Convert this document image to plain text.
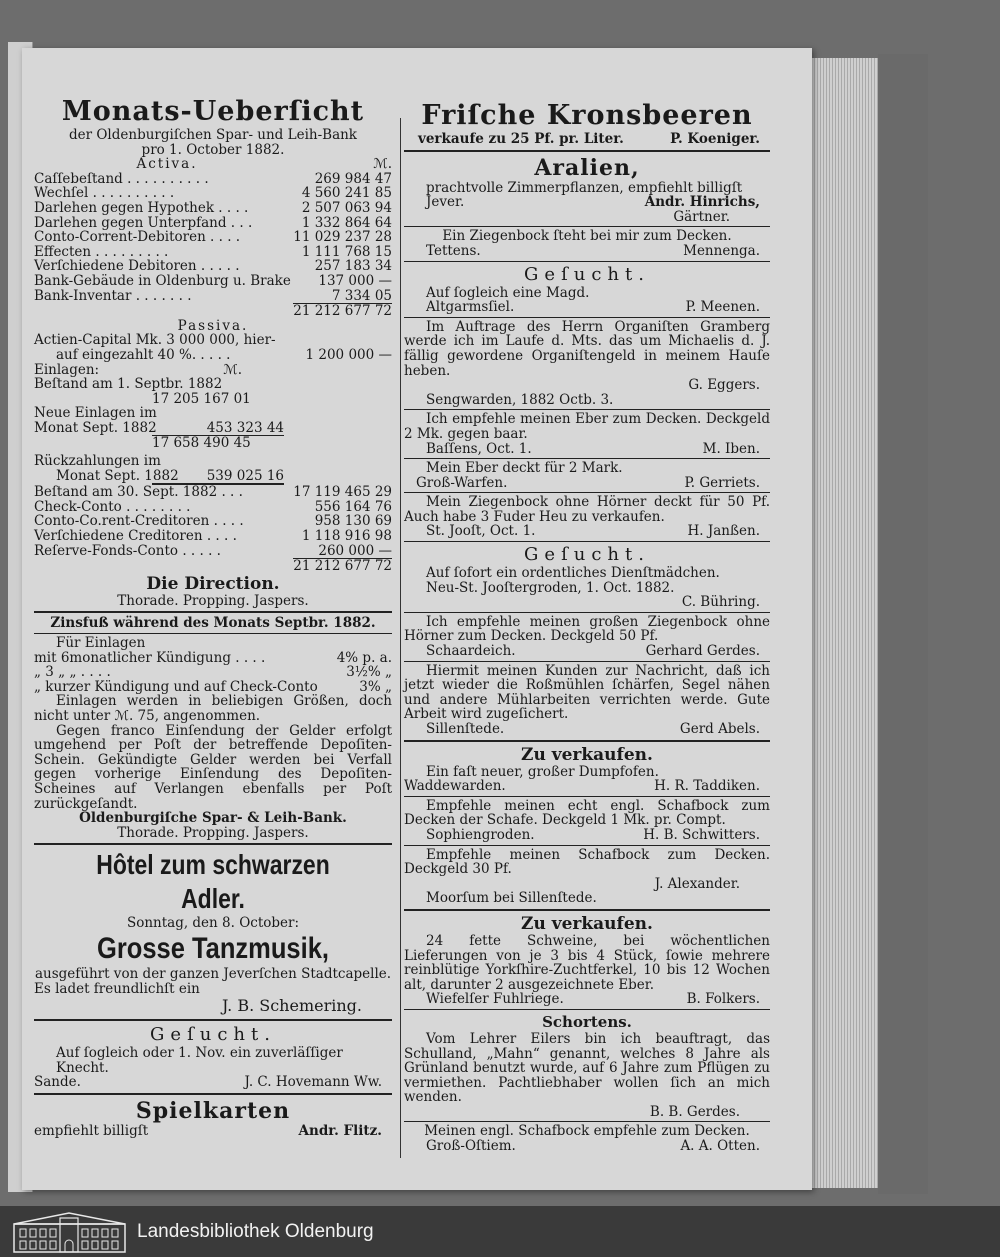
Monats-Ueberſicht
der Oldenburgiſchen Spar- und Leih-Bank
pro 1. October 1882.
Activa.	ℳ.
Caſſebeſtand . . . . . . . . . .	269 984 47
Wechſel . . . . . . . . . .	4 560 241 85
Darlehen gegen Hypothek . . . .	2 507 063 94
Darlehen gegen Unterpfand . . .	1 332 864 64
Conto-Corrent-Debitoren . . . .	11 029 237 28
Effecten . . . . . . . . .	1 111 768 15
Verſchiedene Debitoren . . . . .	257 183 34
Bank-Gebäude in Oldenburg u. Brake	137 000 —
Bank-Inventar . . . . . . .	7 334 05
21 212 677 72
Passiva.
Actien-Capital Mk. 3 000 000, hier-
auf eingezahlt 40 %. . . . .	1 200 000 —
Einlagen:	ℳ.
Beſtand am 1. Septbr. 1882
17 205 167 01
Neue Einlagen im
Monat Sept. 1882	453 323 44
17 658 490 45
Rückzahlungen im
Monat Sept. 1882 539 025 16
Beſtand am 30. Sept. 1882 . . .	17 119 465 29
Check-Conto . . . . . . . .	556 164 76
Conto-Co.rent-Creditoren . . . .	958 130 69
Verſchiedene Creditoren . . . .	1 118 916 98
Reſerve-Fonds-Conto . . . . .	260 000 —
21 212 677 72
Die Direction.
Thorade. Propping. Jaspers.
Zinsfuß während des Monats Septbr. 1882.
Für Einlagen
mit 6monatlicher Kündigung . . . .	4% p. a.
„ 3 „ „ . . . .	3½% „
„ kurzer Kündigung und auf Check-Conto	3% „
Einlagen werden in beliebigen Größen, doch nicht unter ℳ. 75, angenommen.
Gegen franco Einſendung der Gelder erfolgt umgehend per Poſt der betreffende Depoſiten-Schein. Gekündigte Gelder werden bei Verfall gegen vorherige Einſendung des Depoſiten-Scheines auf Verlangen ebenfalls per Poſt zurückgeſandt.
Oldenburgiſche Spar- & Leih-Bank.
Thorade. Propping. Jaspers.
Hôtel zum schwarzen Adler.
Sonntag, den 8. October:
Grosse Tanzmusik,
ausgeführt von der ganzen Jeverſchen Stadtcapelle.
Es ladet freundlichſt ein
J. B. Schemering.
Geſucht.
Auf ſogleich oder 1. Nov. ein zuverläſſiger Knecht.
Sande.	J. C. Hovemann Ww.
Spielkarten
empfiehlt billigſt	Andr. Flitz.
Friſche Kronsbeeren
verkaufe zu 25 Pf. pr. Liter.	P. Koeniger.
Aralien,
prachtvolle Zimmerpflanzen, empfiehlt billigſt
Jever.	Andr. Hinrichs,
Gärtner.
Ein Ziegenbock ſteht bei mir zum Decken.
Tettens.	Mennenga.
Geſucht.
Auf ſogleich eine Magd.
Altgarmsſiel.	P. Meenen.
Im Auftrage des Herrn Organiſten Gramberg werde ich im Laufe d. Mts. das um Michaelis d. J. fällig gewordene Organiſtengeld in meinem Hauſe heben.
G. Eggers.
Sengwarden, 1882 Octb. 3.
Ich empfehle meinen Eber zum Decken. Deckgeld 2 Mk. gegen baar.
Baſſens, Oct. 1.	M. Iben.
Mein Eber deckt für 2 Mark.
Groß-Warfen.	P. Gerriets.
Mein Ziegenbock ohne Hörner deckt für 50 Pf. Auch habe 3 Fuder Heu zu verkaufen.
St. Jooſt, Oct. 1.	H. Janßen.
Geſucht.
Auf ſofort ein ordentliches Dienſtmädchen.
Neu-St. Jooſtergroden, 1. Oct. 1882.
C. Bühring.
Ich empfehle meinen großen Ziegenbock ohne Hörner zum Decken. Deckgeld 50 Pf.
Schaardeich.	Gerhard Gerdes.
Hiermit meinen Kunden zur Nachricht, daß ich jetzt wieder die Roßmühlen ſchärfen, Segel nähen und andere Mühlarbeiten verrichten werde. Gute Arbeit wird zugeſichert.
Sillenſtede.	Gerd Abels.
Zu verkaufen.
Ein faſt neuer, großer Dumpfofen.
Waddewarden.	H. R. Taddiken.
Empfehle meinen echt engl. Schafbock zum Decken der Schafe. Deckgeld 1 Mk. pr. Compt.
Sophiengroden.	H. B. Schwitters.
Empfehle meinen Schafbock zum Decken. Deckgeld 30 Pf.
J. Alexander.
Moorſum bei Sillenſtede.
Zu verkaufen.
24 fette Schweine, bei wöchentlichen Lieferungen von je 3 bis 4 Stück, ſowie mehrere reinblütige Yorkſhire-Zuchtferkel, 10 bis 12 Wochen alt, darunter 2 ausgezeichnete Eber.
Wiefelſer Fuhlriege.	B. Folkers.
Schortens.
Vom Lehrer Eilers bin ich beauftragt, das Schulland, „Mahn“ genannt, welches 8 Jahre als Grünland benutzt wurde, auf 6 Jahre zum Pflügen zu vermiethen. Pachtliebhaber wollen ſich an mich wenden.
B. B. Gerdes.
Meinen engl. Schafbock empfehle zum Decken.
Groß-Oſtiem.	A. A. Otten.
Landesbibliothek Oldenburg
